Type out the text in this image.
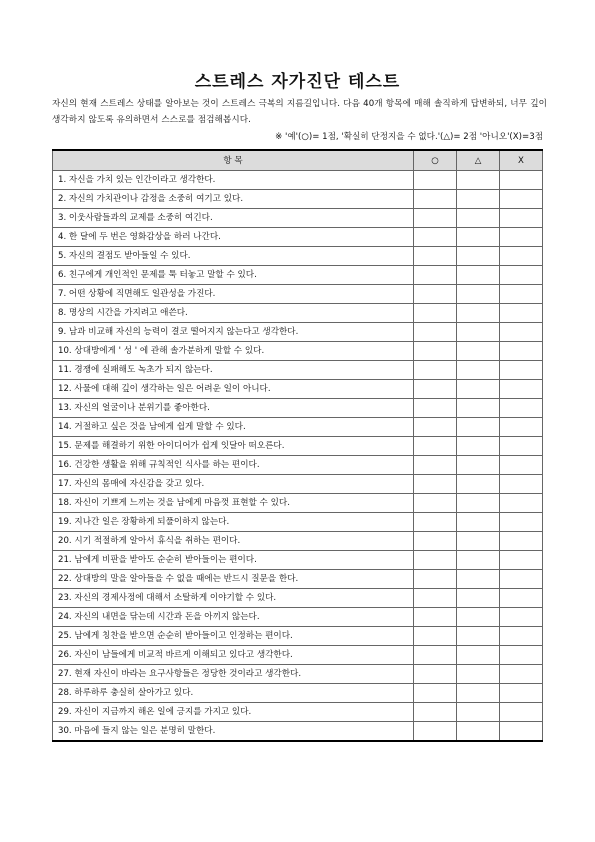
스트레스 자가진단 테스트
자신의 현재 스트레스 상태를 알아보는 것이 스트레스 극복의 지름길입니다. 다음 40개 항목에 매해 솔직하게 답변하되, 너무 깊이 생각하지 않도록 유의하면서 스스로를 점검해봅시다.
※ '예'(○)= 1점, '확실히 단정지을 수 없다.'(△)= 2점 '아니오'(Ⅹ)=3점
항 목	○	△	Ⅹ
1. 자신을 가치 있는 인간이라고 생각한다.			
2. 자신의 가치관이나 감정을 소중히 여기고 있다.			
3. 이웃사람들과의 교제를 소중히 여긴다.			
4. 한 달에 두 번은 영화감상을 하러 나간다.			
5. 자신의 결점도 받아들일 수 있다.			
6. 친구에게 개인적인 문제를 툭 터놓고 말할 수 있다.			
7. 어떤 상황에 직면해도 일관성을 가진다.			
8. 명상의 시간을 가지려고 애쓴다.			
9. 남과 비교해 자신의 능력이 결코 떨어지지 않는다고 생각한다.			
10. 상대방에게 ' 성 ' 에 관해 솔가분하게 말할 수 있다.			
11. 경쟁에 실패해도 녹초가 되지 않는다.			
12. 사물에 대해 깊이 생각하는 일은 어려운 일이 아니다.			
13. 자신의 얼굴이나 분위기를 좋아한다.			
14. 거절하고 싶은 것을 남에게 쉽게 말할 수 있다.			
15. 문제를 해결하기 위한 아이디어가 쉽게 잇달아 떠오른다.			
16. 건강한 생활을 위해 규칙적인 식사를 하는 편이다.			
17. 자신의 몸매에 자신감을 갖고 있다.			
18. 자신이 기쁘게 느끼는 것을 남에게 마음껏 표현할 수 있다.			
19. 지나간 일은 장황하게 되풀이하지 않는다.			
20. 시기 적절하게 알아서 휴식을 취하는 편이다.			
21. 남에게 비판을 받아도 순순히 받아들이는 편이다.			
22. 상대방의 말을 알아들을 수 없을 때에는 반드시 질문을 한다.			
23. 자신의 경제사정에 대해서 소탈하게 이야기할 수 있다.			
24. 자신의 내면을 닦는데 시간과 돈을 아끼지 않는다.			
25. 남에게 칭찬을 받으면 순순히 받아들이고 인정하는 편이다.			
26. 자신이 남들에게 비교적 바르게 이해되고 있다고 생각한다.			
27. 현재 자신이 바라는 요구사항들은 정당한 것이라고 생각한다.			
28. 하루하루 충실히 살아가고 있다.			
29. 자신이 지금까지 해온 일에 긍지를 가지고 있다.			
30. 마음에 들지 않는 일은 분명히 말한다.			
